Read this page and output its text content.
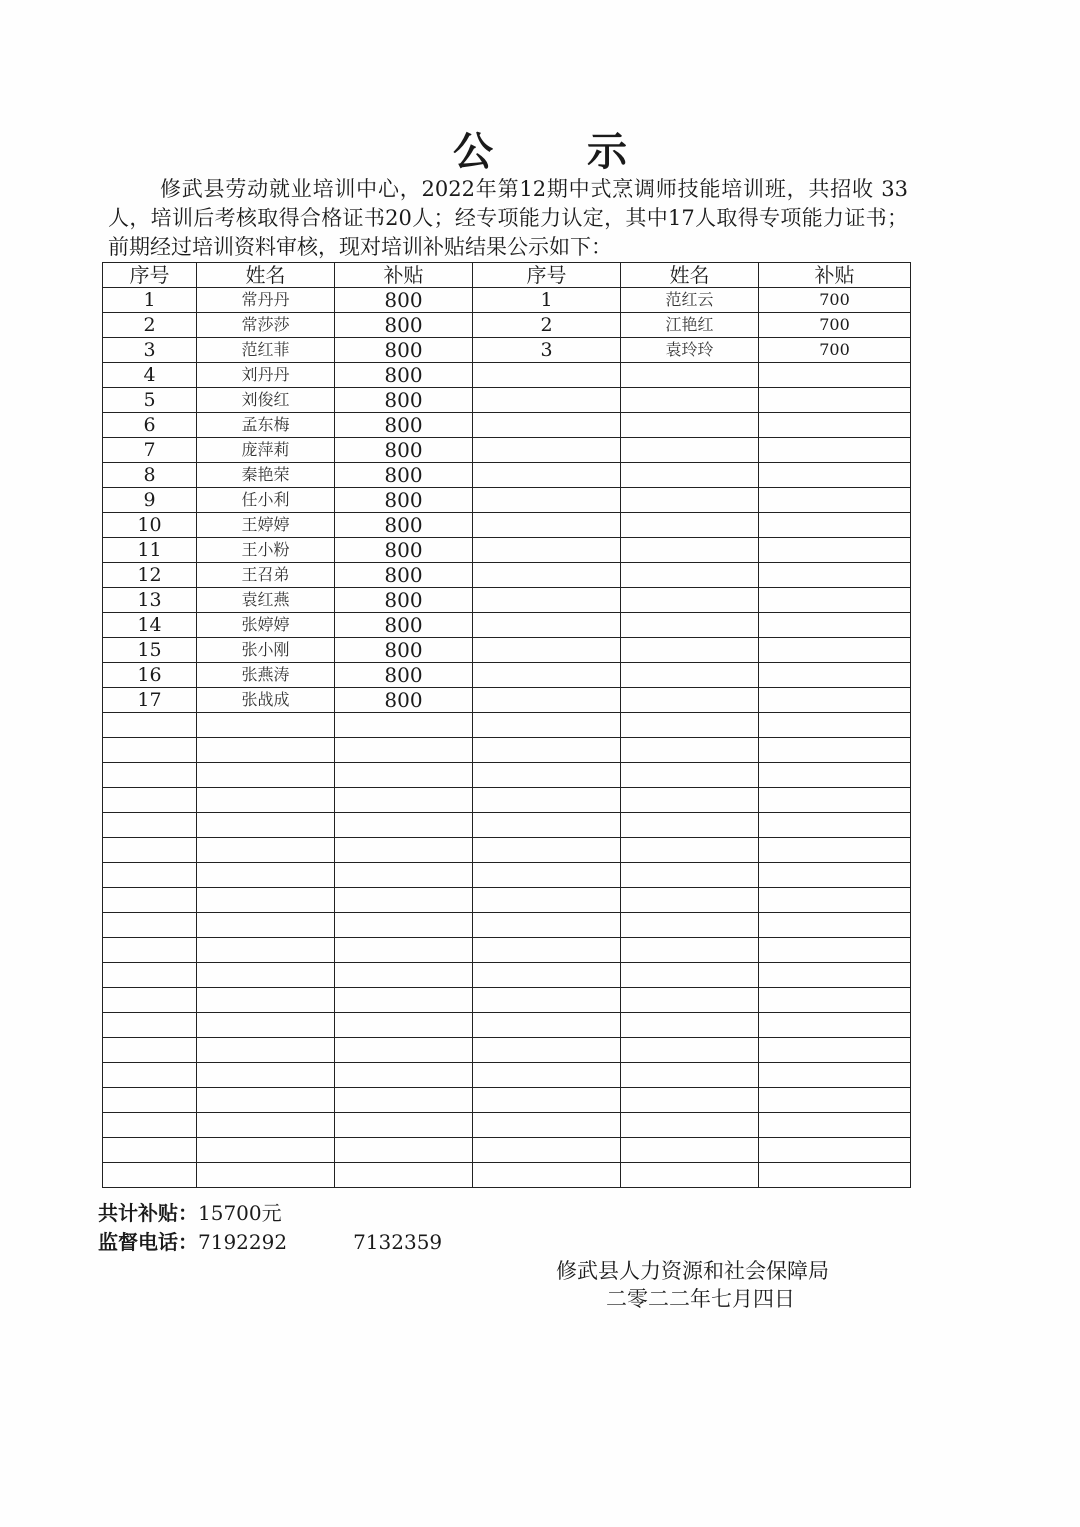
公 示
修武县劳动就业培训中心，2022年第12期中式烹调师技能培训班，共招收 33人，培训后考核取得合格证书20人；经专项能力认定，其中17人取得专项能力证书；前期经过培训资料审核，现对培训补贴结果公示如下：
序号	姓名	补贴	序号	姓名	补贴
1	常丹丹	800	1	范红云	700
2	常莎莎	800	2	江艳红	700
3	范红菲	800	3	袁玲玲	700
4	刘丹丹	800			
5	刘俊红	800			
6	孟东梅	800			
7	庞萍莉	800			
8	秦艳荣	800			
9	任小利	800			
10	王婷婷	800			
11	王小粉	800			
12	王召弟	800			
13	袁红燕	800			
14	张婷婷	800			
15	张小刚	800			
16	张燕涛	800			
17	张战成	800			

共计补贴：15700元
监督电话：7192292	7132359
修武县人力资源和社会保障局
二零二二年七月四日
